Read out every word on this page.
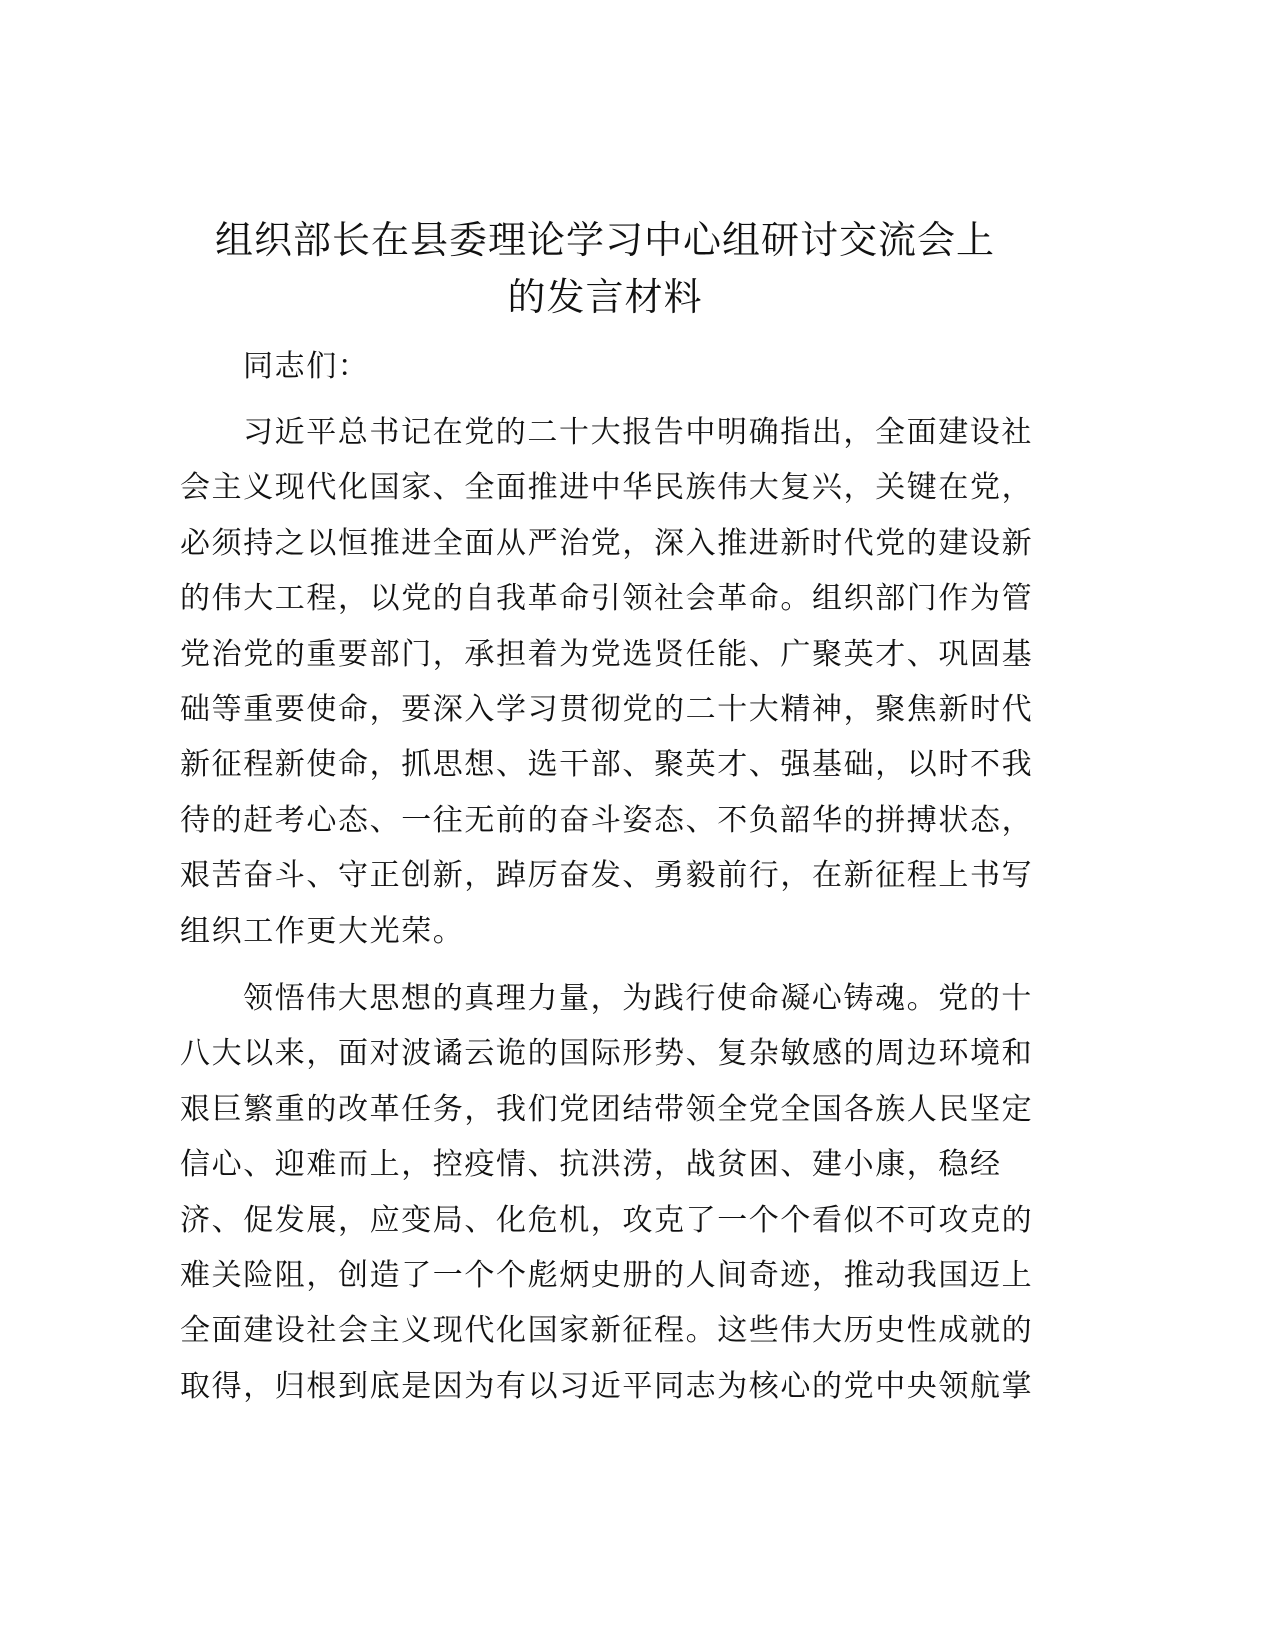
组织部长在县委理论学习中心组研讨交流会上
的发言材料
同志们：
习近平总书记在党的二十大报告中明确指出，全面建设社
会主义现代化国家、全面推进中华民族伟大复兴，关键在党，
必须持之以恒推进全面从严治党，深入推进新时代党的建设新
的伟大工程，以党的自我革命引领社会革命。组织部门作为管
党治党的重要部门，承担着为党选贤任能、广聚英才、巩固基
础等重要使命，要深入学习贯彻党的二十大精神，聚焦新时代
新征程新使命，抓思想、选干部、聚英才、强基础，以时不我
待的赶考心态、一往无前的奋斗姿态、不负韶华的拼搏状态，
艰苦奋斗、守正创新，踔厉奋发、勇毅前行，在新征程上书写
组织工作更大光荣。
领悟伟大思想的真理力量，为践行使命凝心铸魂。党的十
八大以来，面对波谲云诡的国际形势、复杂敏感的周边环境和
艰巨繁重的改革任务，我们党团结带领全党全国各族人民坚定
信心、迎难而上，控疫情、抗洪涝，战贫困、建小康，稳经
济、促发展，应变局、化危机，攻克了一个个看似不可攻克的
难关险阻，创造了一个个彪炳史册的人间奇迹，推动我国迈上
全面建设社会主义现代化国家新征程。这些伟大历史性成就的
取得，归根到底是因为有以习近平同志为核心的党中央领航掌
